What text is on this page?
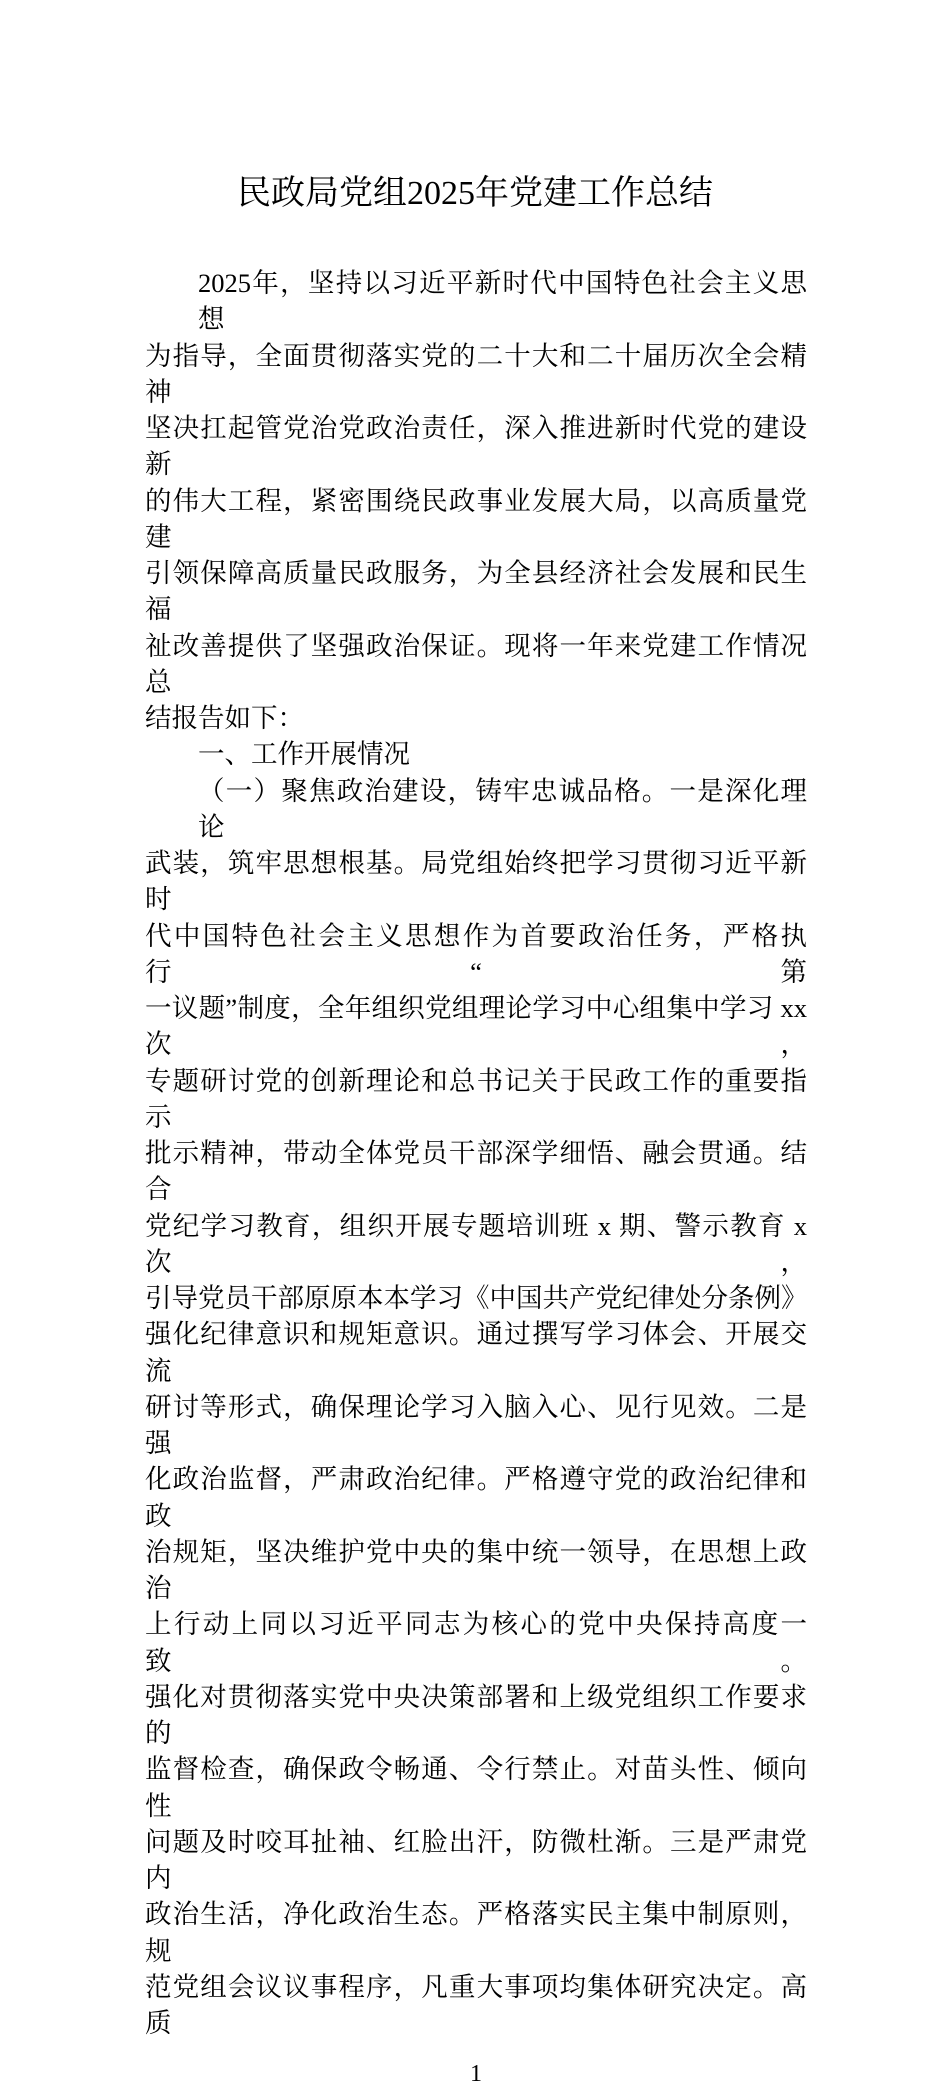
民政局党组2025年党建工作总结
2025年，坚持以习近平新时代中国特色社会主义思想
为指导，全面贯彻落实党的二十大和二十届历次全会精神
坚决扛起管党治党政治责任，深入推进新时代党的建设新
的伟大工程，紧密围绕民政事业发展大局，以高质量党建
引领保障高质量民政服务，为全县经济社会发展和民生福
祉改善提供了坚强政治保证。现将一年来党建工作情况总
结报告如下：
一、工作开展情况
（一）聚焦政治建设，铸牢忠诚品格。一是深化理论
武装，筑牢思想根基。局党组始终把学习贯彻习近平新时
代中国特色社会主义思想作为首要政治任务，严格执行“第
一议题”制度，全年组织党组理论学习中心组集中学习 xx 次，
专题研讨党的创新理论和总书记关于民政工作的重要指示
批示精神，带动全体党员干部深学细悟、融会贯通。结合
党纪学习教育，组织开展专题培训班 x 期、警示教育 x 次，
引导党员干部原原本本学习《中国共产党纪律处分条例》
强化纪律意识和规矩意识。通过撰写学习体会、开展交流
研讨等形式，确保理论学习入脑入心、见行见效。二是强
化政治监督，严肃政治纪律。严格遵守党的政治纪律和政
治规矩，坚决维护党中央的集中统一领导，在思想上政治
上行动上同以习近平同志为核心的党中央保持高度一致。
强化对贯彻落实党中央决策部署和上级党组织工作要求的
监督检查，确保政令畅通、令行禁止。对苗头性、倾向性
问题及时咬耳扯袖、红脸出汗，防微杜渐。三是严肃党内
政治生活，净化政治生态。严格落实民主集中制原则，规
范党组会议议事程序，凡重大事项均集体研究决定。高质
1
